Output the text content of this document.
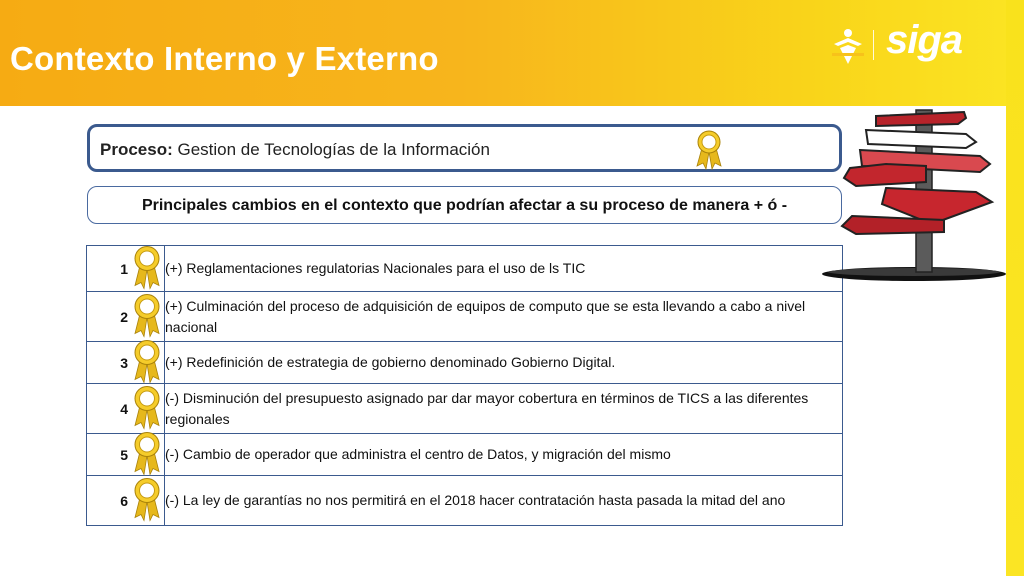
Contexto Interno y Externo	siga
Proceso: Gestion de Tecnologías de la Información
Principales cambios en el contexto que podrían afectar a su proceso de manera + ó -
1	(+) Reglamentaciones regulatorias Nacionales para el uso de ls TIC

2	(+) Culminación del proceso de adquisición de equipos de computo que se esta llevando a cabo a nivel nacional

3	(+) Redefinición de estrategia de gobierno denominado Gobierno Digital.

4	(-) Disminución del presupuesto asignado par dar mayor cobertura en términos de TICS a las diferentes regionales

5	(-) Cambio de operador que administra el centro de Datos, y migración del mismo

6	(-) La ley de garantías no nos permitirá en el 2018 hacer contratación hasta pasada la mitad del ano
